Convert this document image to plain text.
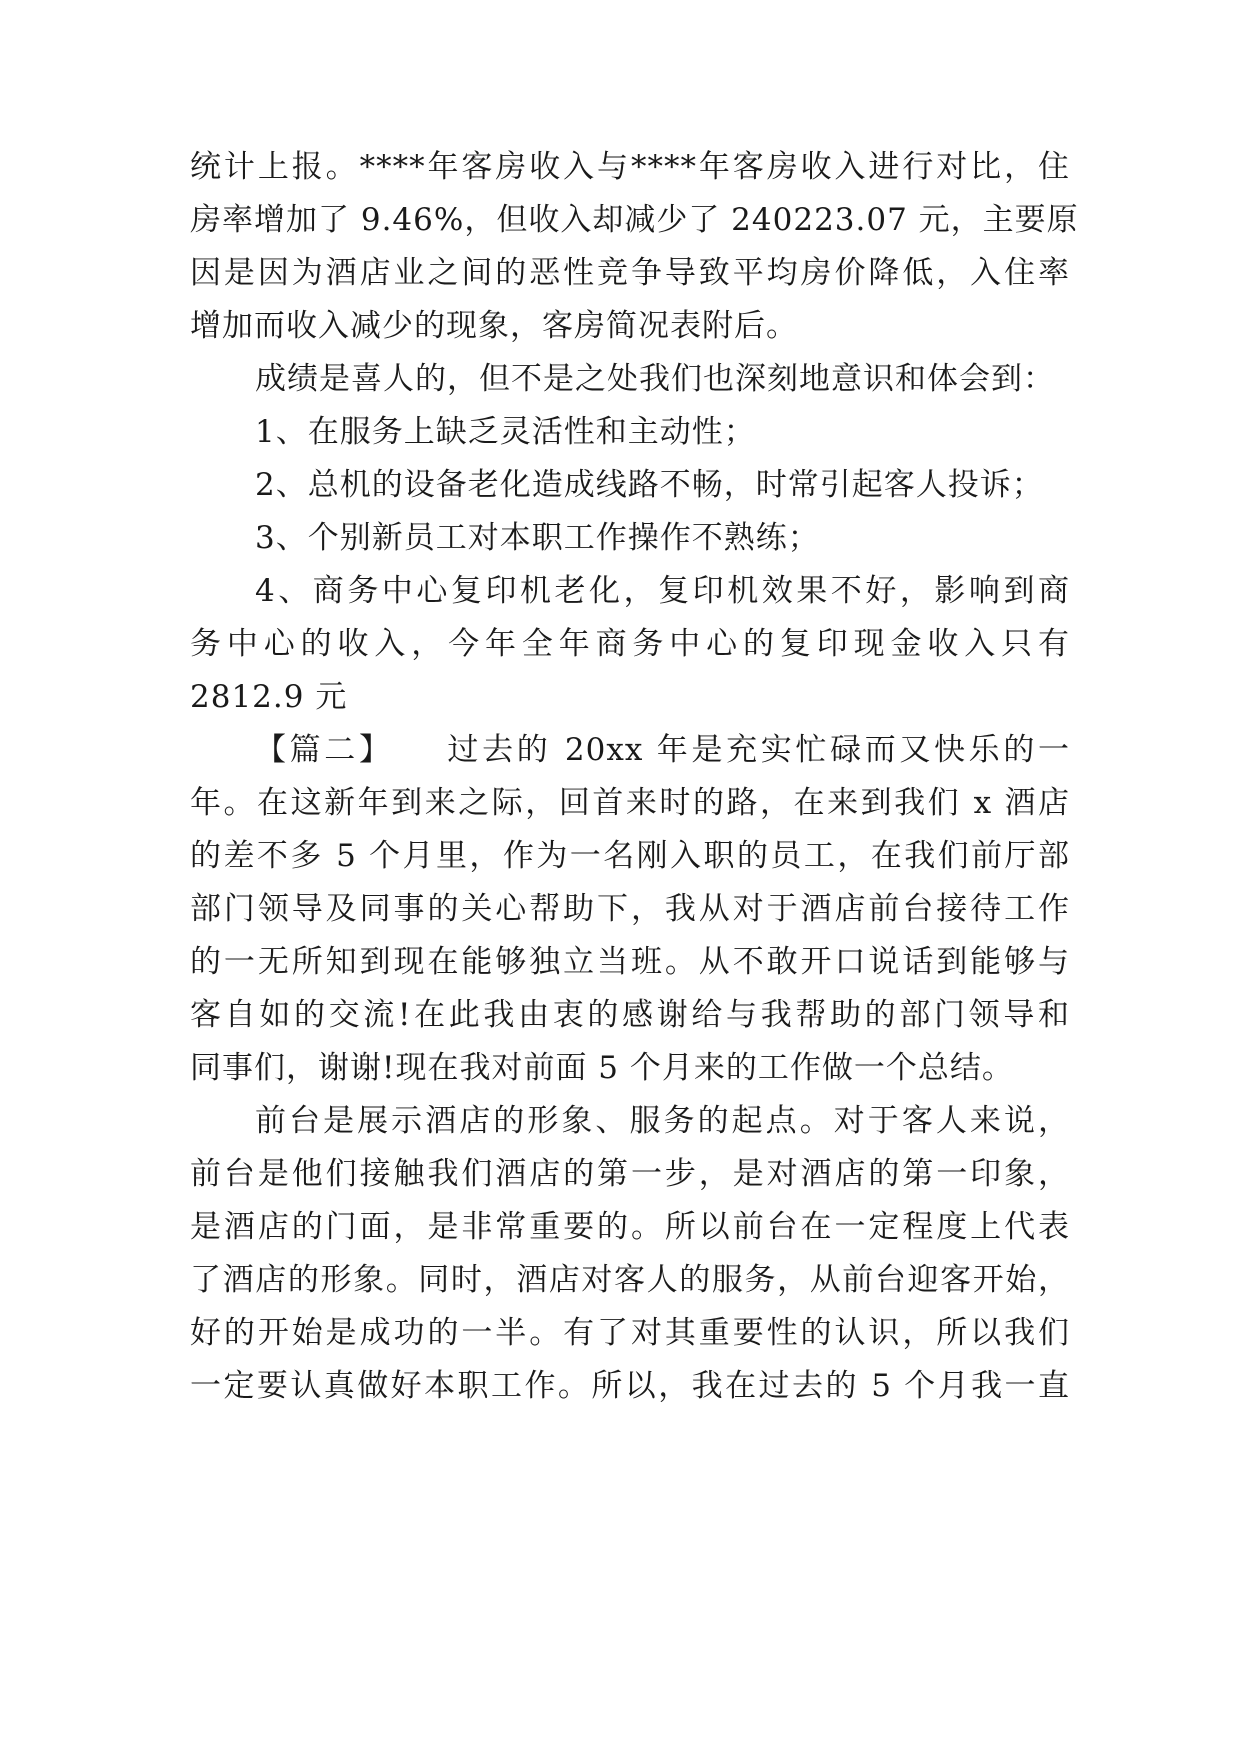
统计上报。****年客房收入与****年客房收入进行对比，住

房率增加了 9.46%，但收入却减少了 240223.07 元，主要原

因是因为酒店业之间的恶性竞争导致平均房价降低，入住率

增加而收入减少的现象，客房简况表附后。

成绩是喜人的，但不是之处我们也深刻地意识和体会到：

1、在服务上缺乏灵活性和主动性；

2、总机的设备老化造成线路不畅，时常引起客人投诉；

3、个别新员工对本职工作操作不熟练；

4、商务中心复印机老化，复印机效果不好，影响到商

务中心的收入，今年全年商务中心的复印现金收入只有

2812.9 元

【篇二】　　过去的 20xx 年是充实忙碌而又快乐的一

年。在这新年到来之际，回首来时的路，在来到我们 x 酒店

的差不多 5 个月里，作为一名刚入职的员工，在我们前厅部

部门领导及同事的关心帮助下，我从对于酒店前台接待工作

的一无所知到现在能够独立当班。从不敢开口说话到能够与

客自如的交流!在此我由衷的感谢给与我帮助的部门领导和

同事们，谢谢!现在我对前面 5 个月来的工作做一个总结。

前台是展示酒店的形象、服务的起点。对于客人来说，

前台是他们接触我们酒店的第一步，是对酒店的第一印象，

是酒店的门面，是非常重要的。所以前台在一定程度上代表

了酒店的形象。同时，酒店对客人的服务，从前台迎客开始，

好的开始是成功的一半。有了对其重要性的认识，所以我们

一定要认真做好本职工作。所以，我在过去的 5 个月我一直
